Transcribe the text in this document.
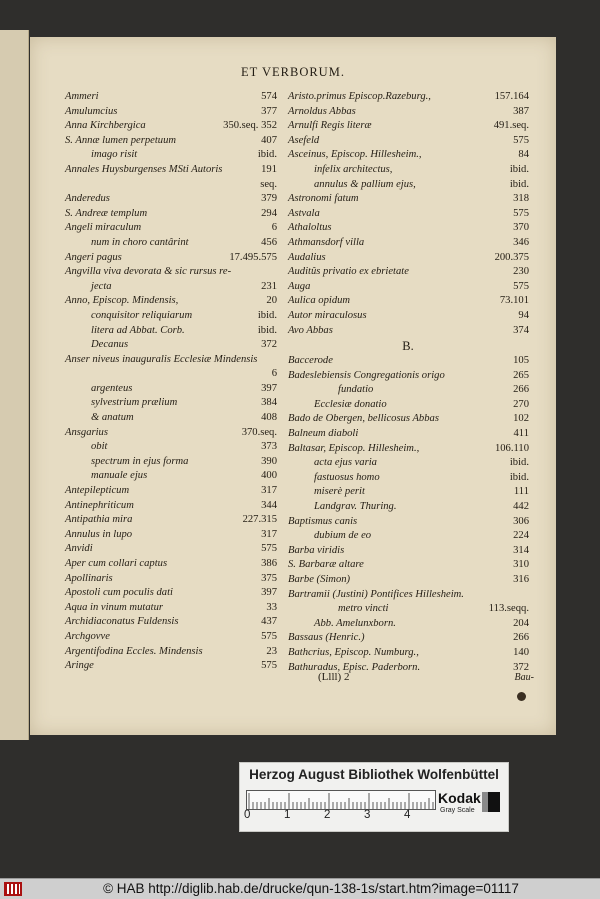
ET VERBORUM.
Ammeri	574
Amulumcius	377
Anna Kirchbergica	350.seq. 352
S. Annæ lumen perpetuum	407
imago risit	ibid.
Annales Huysburgenses MSti Autoris	191
seq.
Anderedus	379
S. Andreæ templum	294
Angeli miraculum	6
num in choro cantârint	456
Angeri pagus	17.495.575
Angvilla viva devorata & sic rursus re-
jecta	231
Anno, Episcop. Mindensis,	20
conquisitor reliquiarum	ibid.
litera ad Abbat. Corb.	ibid.
Decanus	372
Anser niveus inauguralis Ecclesiæ Mindensis
6
argenteus	397
sylvestrium prælium	384
& anatum	408
Ansgarius	370.seq.
obit	373
spectrum in ejus forma	390
manuale ejus	400
Antepilepticum	317
Antinephriticum	344
Antipathia mira	227.315
Annulus in lupo	317
Anvidi	575
Aper cum collari captus	386
Apollinaris	375
Apostoli cum poculis dati	397
Aqua in vinum mutatur	33
Archidiaconatus Fuldensis	437
Archgovve	575
Argentifodina Eccles. Mindensis	23
Aringe	575
Aristo.primus Episcop.Razeburg.,	157.164
Arnoldus Abbas	387
Arnulfi Regis literæ	491.seq.
Asefeld	575
Asceinus, Episcop. Hillesheim.,	84
infelix architectus,	ibid.
annulus & pallium ejus,	ibid.
Astronomi fatum	318
Astvala	575
Athaloltus	370
Athmansdorf villa	346
Audalius	200.375
Auditûs privatio ex ebrietate	230
Auga	575
Aulica opidum	73.101
Autor miraculosus	94
Avo Abbas	374
B.
Baccerode	105
Badeslebiensis Congregationis origo	265
fundatio	266
Ecclesiæ donatio	270
Bado de Obergen, bellicosus Abbas	102
Balneum diaboli	411
Baltasar, Episcop. Hillesheim.,	106.110
acta ejus varia	ibid.
fastuosus homo	ibid.
miserè perit	111
Landgrav. Thuring.	442
Baptismus canis	306
dubium de eo	224
Barba viridis	314
S. Barbaræ altare	310
Barbe (Simon)	316
Bartramii (Justini) Pontifices Hillesheim.
metro vincti	113.seqq.
Abb. Amelunxborn.	204
Bassaus (Henric.)	266
Bathcrius, Episcop. Numburg.,	140
Bathuradus, Episc. Paderborn.	372
(Llll) 2	Bau-
Herzog August Bibliothek Wolfenbüttel
0	1	2	3	4
Kodak
Gray Scale
© HAB http://diglib.hab.de/drucke/qun-138-1s/start.htm?image=01117
